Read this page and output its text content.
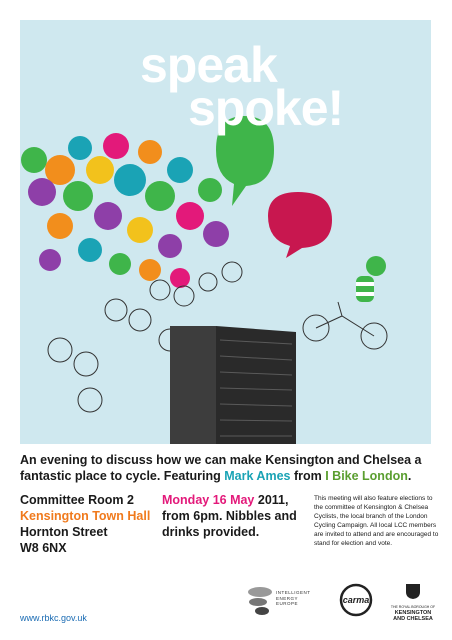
speak
spoke!
An evening to discuss how we can make Kensington and Chelsea a fantastic place to cycle. Featuring Mark Ames from I Bike London.
Committee Room 2
Kensington Town Hall
Hornton Street
W8 6NX
Monday 16 May 2011, from 6pm. Nibbles and drinks provided.
This meeting will also feature elections to the committee of Kensington & Chelsea Cyclists, the local branch of the London Cycling Campaign. All local LCC members are invited to attend and are encouraged to stand for election and vote.
www.rbkc.gov.uk
INTELLIGENT
ENERGY
EUROPE	carma
THE ROYAL BOROUGH OF
KENSINGTON
AND CHELSEA
